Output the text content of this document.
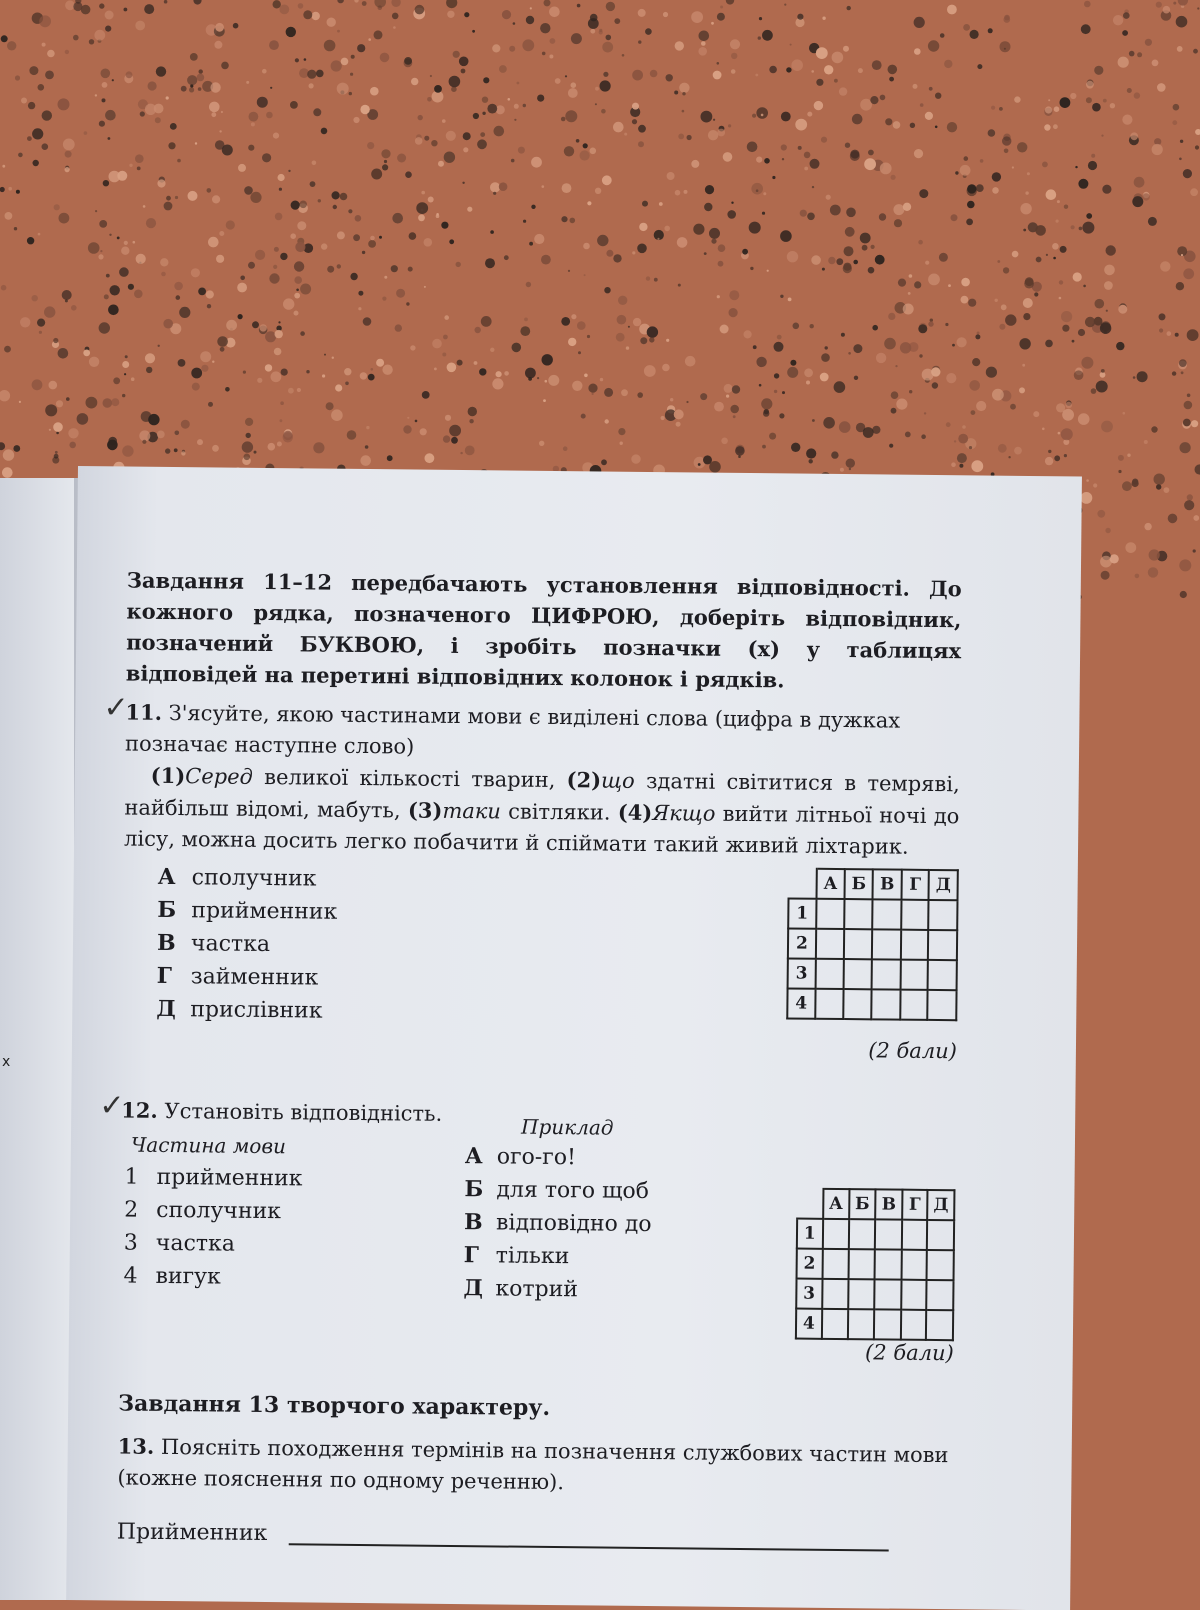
x
Завдання 11–12 передбачають установлення відповідності. До кожного рядка, позначеного ЦИФРОЮ, доберіть відповідник, позначений БУКВОЮ, і зробіть позначки (х) у таблицях відповідей на перетині відповідних колонок і рядків.
✓
11. З'ясуйте, якою частинами мови є виділені слова (цифра в дужках позначає наступне слово)
(1)Серед великої кількості тварин, (2)що здатні світитися в темряві, найбільш відомі, мабуть, (3)таки світляки. (4)Якщо вийти літньої ночі до лісу, можна досить легко побачити й спіймати такий живий ліхтарик.
А сполучник
Б прийменник
В частка
Г займенник
Д прислівник
	А	Б	В	Г	Д
1					
2					
3					
4					
(2 бали)
✓
12. Установіть відповідність.
Частина мови
1 прийменник
2 сполучник
3 частка
4 вигук
Приклад
А ого-го!
Б для того щоб
В відповідно до
Г тільки
Д котрий
	А	Б	В	Г	Д
1					
2					
3					
4					
(2 бали)
Завдання 13 творчого характеру.
13. Поясніть походження термінів на позначення службових частин мови (кожне пояснення по одному реченню).
Прийменник
